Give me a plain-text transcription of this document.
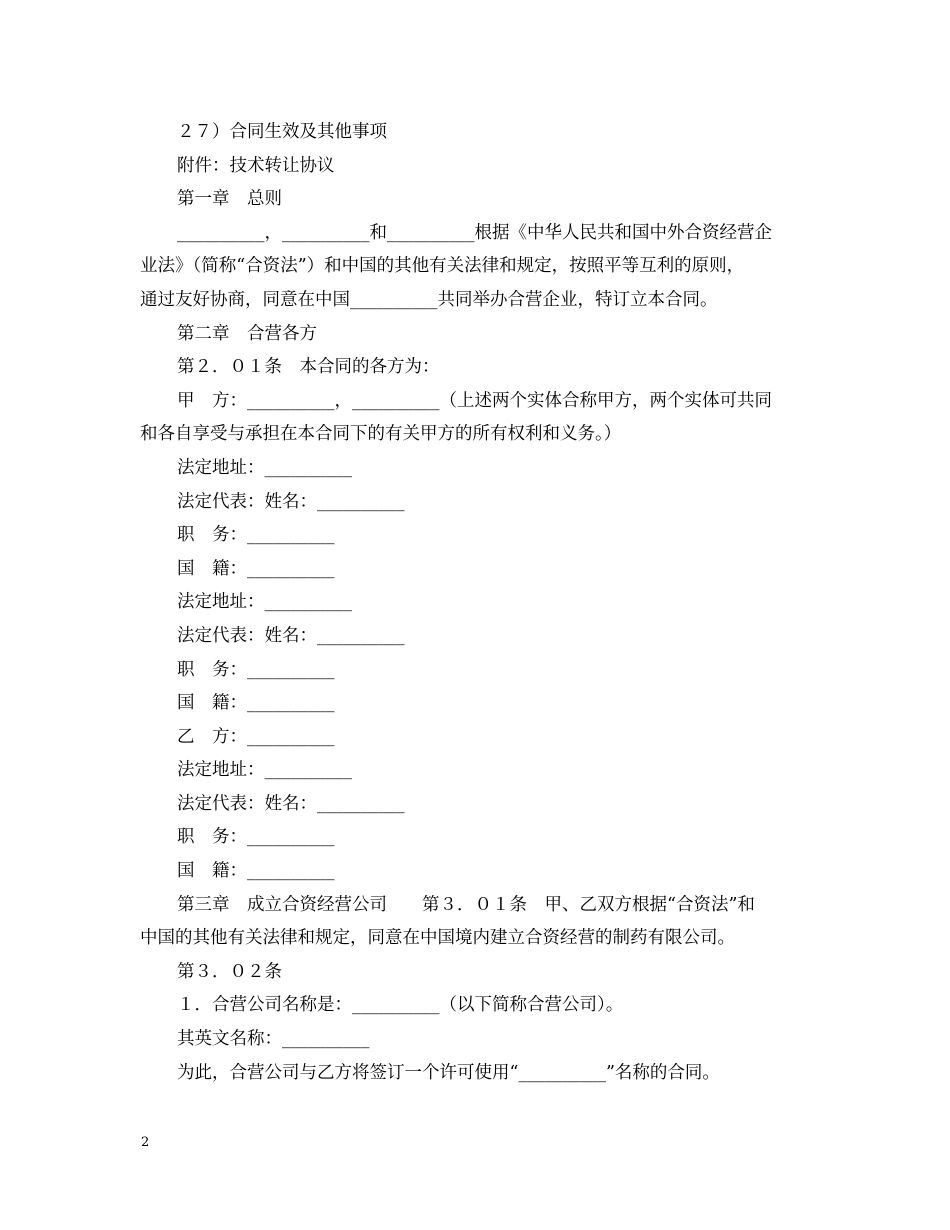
２７）合同生效及其他事项
附件：技术转让协议
第一章　总则
__________，__________和__________根据《中华人民共和国中外合资经营企
业法》（简称“合资法”）和中国的其他有关法律和规定，按照平等互利的原则，
通过友好协商，同意在中国__________共同举办合营企业，特订立本合同。
第二章　合营各方
第２．０１条　本合同的各方为：
甲　方：__________，__________（上述两个实体合称甲方，两个实体可共同
和各自享受与承担在本合同下的有关甲方的所有权利和义务。）
法定地址：__________
法定代表：姓名：__________
职　务：__________
国　籍：__________
法定地址：__________
法定代表：姓名：__________
职　务：__________
国　籍：__________
乙　方：__________
法定地址：__________
法定代表：姓名：__________
职　务：__________
国　籍：__________
第三章　成立合资经营公司　　第３．０１条　甲、乙双方根据“合资法”和
中国的其他有关法律和规定，同意在中国境内建立合资经营的制药有限公司。
第３．０２条
１．合营公司名称是：__________（以下简称合营公司）。
其英文名称：__________
为此，合营公司与乙方将签订一个许可使用“__________”名称的合同。
2
